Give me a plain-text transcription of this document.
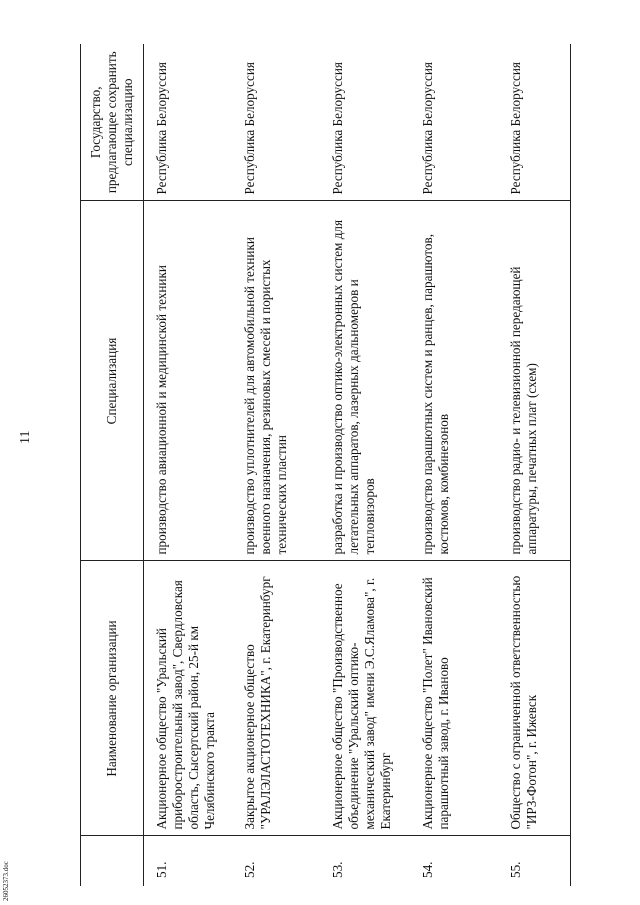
11
	Наименование организации	Специализация	Государство, предлагающее сохранить специализацию
51.	Акционерное общество "Уральский приборостроительный завод", Свердловская область, Сысертский район, 25-й км Челябинского тракта	производство авиационной и медицинской техники	Республика Белоруссия
52.	Закрытое акционерное общество "УРАЛЭЛАСТОТЕХНИКА", г. Екатеринбург	производство уплотнителей для автомобильной техники военного назначения, резиновых смесей и пористых технических пластин	Республика Белоруссия
53.	Акционерное общество "Производственное объединение "Уральский оптико-механический завод" имени Э.С.Яламова", г. Екатеринбург	разработка и производство оптико-электронных систем для летательных аппаратов, лазерных дальномеров и тепловизоров	Республика Белоруссия
54.	Акционерное общество "Полет" Ивановский парашютный завод, г. Иваново	производство парашютных систем и ранцев, парашютов, костюмов, комбинезонов	Республика Белоруссия
55.	Общество с ограниченной ответственностью "ИРЗ-Фотон", г. Ижевск	производство радио- и телевизионной передающей аппаратуры, печатных плат (схем)	Республика Белоруссия
26052373.doc
